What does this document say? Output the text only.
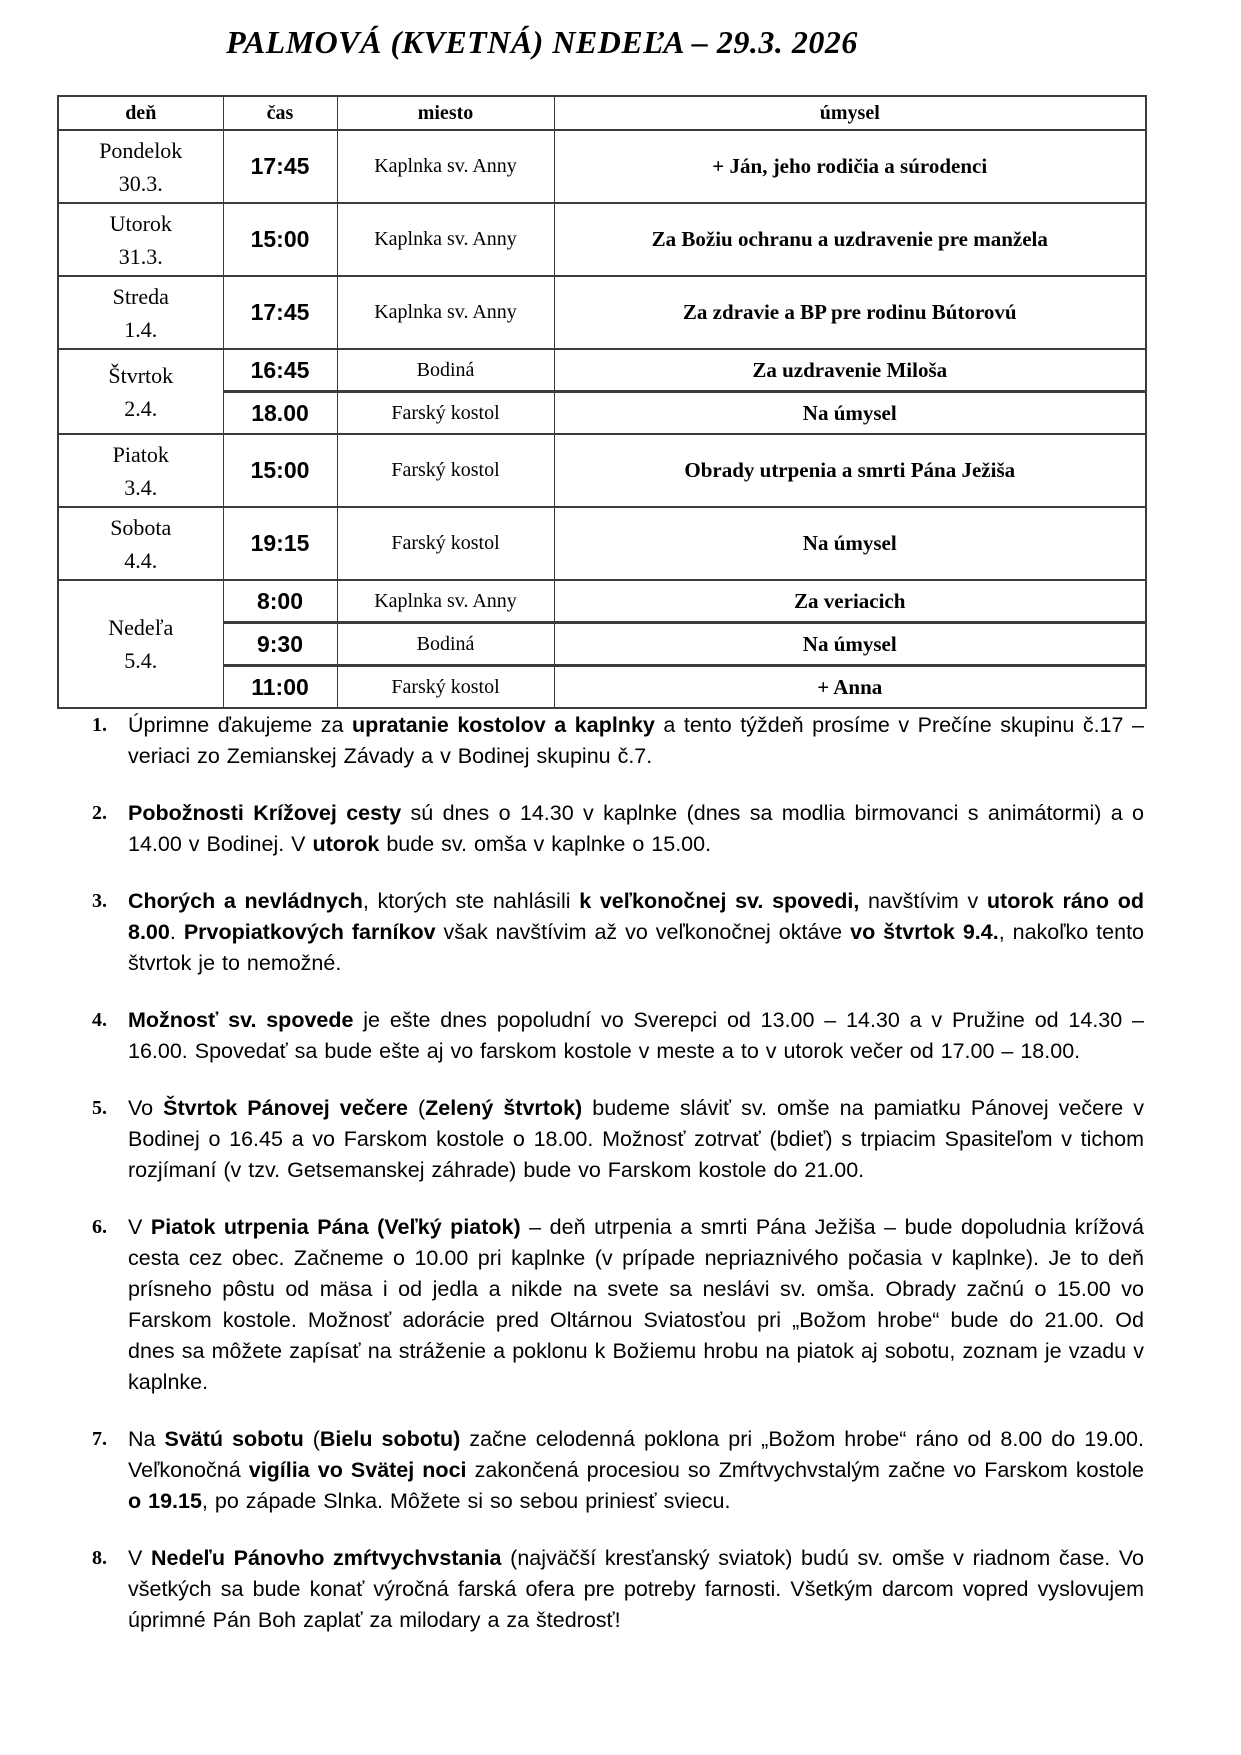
PALMOVÁ (KVETNÁ) NEDEĽA – 29.3. 2026
deň	čas	miesto	úmysel

Pondelok
30.3.	17:45	Kaplnka sv. Anny	+ Ján, jeho rodičia a súrodenci

Utorok
31.3.	15:00	Kaplnka sv. Anny	Za Božiu ochranu a uzdravenie pre manžela

Streda
1.4.	17:45	Kaplnka sv. Anny	Za zdravie a BP pre rodinu Bútorovú

Štvrtok
2.4.	16:45	Bodiná	Za uzdravenie Miloša
	18.00	Farský kostol	Na úmysel

Piatok
3.4.	15:00	Farský kostol	Obrady utrpenia a smrti Pána Ježiša

Sobota
4.4.	19:15	Farský kostol	Na úmysel

Nedeľa
5.4.	8:00	Kaplnka sv. Anny	Za veriacich
	9:30	Bodiná	Na úmysel
	11:00	Farský kostol	+ Anna
1. Úprimne ďakujeme za upratanie kostolov a kaplnky a tento týždeň prosíme v Prečíne skupinu č.17 – veriaci zo Zemianskej Závady a v Bodinej skupinu č.7.
2. Pobožnosti Krížovej cesty sú dnes o 14.30 v kaplnke (dnes sa modlia birmovanci s animátormi) a o 14.00 v Bodinej. V utorok bude sv. omša v kaplnke o 15.00.
3. Chorých a nevládnych, ktorých ste nahlásili k veľkonočnej sv. spovedi, navštívim v utorok ráno od 8.00. Prvopiatkových farníkov však navštívim až vo veľkonočnej oktáve vo štvrtok 9.4., nakoľko tento štvrtok je to nemožné.
4. Možnosť sv. spovede je ešte dnes popoludní vo Sverepci od 13.00 – 14.30 a v Pružine od 14.30 – 16.00. Spovedať sa bude ešte aj vo farskom kostole v meste a to v utorok večer od 17.00 – 18.00.
5. Vo Štvrtok Pánovej večere (Zelený štvrtok) budeme sláviť sv. omše na pamiatku Pánovej večere v Bodinej o 16.45 a vo Farskom kostole o 18.00. Možnosť zotrvať (bdieť) s trpiacim Spasiteľom v tichom rozjímaní (v tzv. Getsemanskej záhrade) bude vo Farskom kostole do 21.00.
6. V Piatok utrpenia Pána (Veľký piatok) – deň utrpenia a smrti Pána Ježiša – bude dopoludnia krížová cesta cez obec. Začneme o 10.00 pri kaplnke (v prípade nepriaznivého počasia v kaplnke). Je to deň prísneho pôstu od mäsa i od jedla a nikde na svete sa neslávi sv. omša. Obrady začnú o 15.00 vo Farskom kostole. Možnosť adorácie pred Oltárnou Sviatosťou pri „Božom hrobe“ bude do 21.00. Od dnes sa môžete zapísať na stráženie a poklonu k Božiemu hrobu na piatok aj sobotu, zoznam je vzadu v kaplnke.
7. Na Svätú sobotu (Bielu sobotu) začne celodenná poklona pri „Božom hrobe“ ráno od 8.00 do 19.00. Veľkonočná vigília vo Svätej noci zakončená procesiou so Zmŕtvychvstalým začne vo Farskom kostole o 19.15, po západe Slnka. Môžete si so sebou priniesť sviecu.
8. V Nedeľu Pánovho zmŕtvychvstania (najväčší kresťanský sviatok) budú sv. omše v riadnom čase. Vo všetkých sa bude konať výročná farská ofera pre potreby farnosti. Všetkým darcom vopred vyslovujem úprimné Pán Boh zaplať za milodary a za štedrosť!
